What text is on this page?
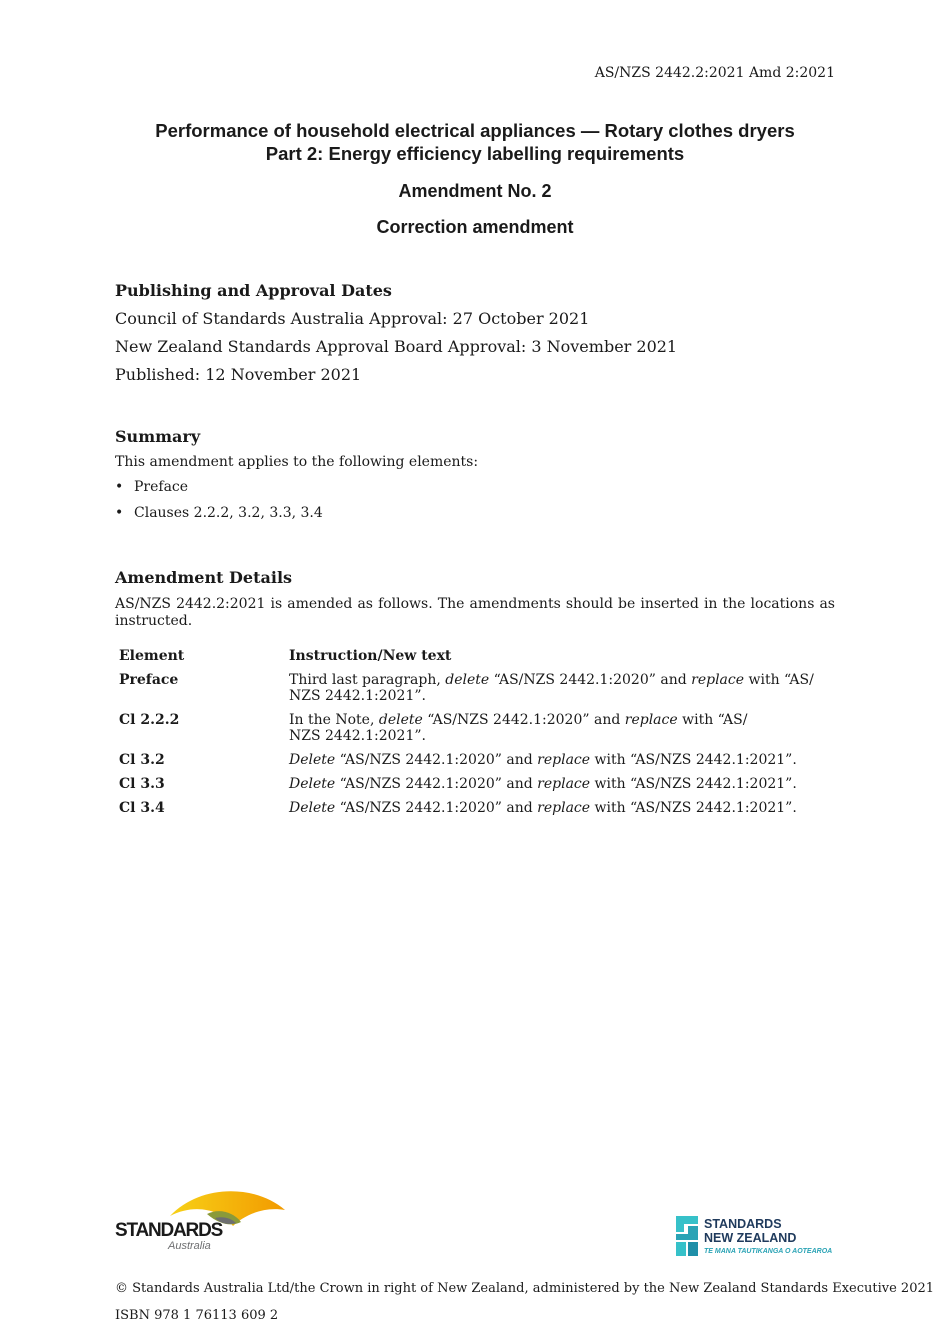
AS/NZS 2442.2:2021 Amd 2:2021
Performance of household electrical appliances — Rotary clothes dryers
Part 2: Energy efficiency labelling requirements
Amendment No. 2
Correction amendment
Publishing and Approval Dates
Council of Standards Australia Approval: 27 October 2021
New Zealand Standards Approval Board Approval: 3 November 2021
Published: 12 November 2021
Summary
This amendment applies to the following elements:
• Preface
• Clauses 2.2.2, 3.2, 3.3, 3.4
Amendment Details
AS/NZS 2442.2:2021 is amended as follows. The amendments should be inserted in the locations as instructed.
Element	Instruction/New text
Preface	Third last paragraph, delete “AS/NZS 2442.1:2020” and replace with “AS/
NZS 2442.1:2021”.
Cl 2.2.2	In the Note, delete “AS/NZS 2442.1:2020” and replace with “AS/
NZS 2442.1:2021”.
Cl 3.2	Delete “AS/NZS 2442.1:2020” and replace with “AS/NZS 2442.1:2021”.
Cl 3.3	Delete “AS/NZS 2442.1:2020” and replace with “AS/NZS 2442.1:2021”.
Cl 3.4	Delete “AS/NZS 2442.1:2020” and replace with “AS/NZS 2442.1:2021”.
STANDARDS
Australia
STANDARDS
NEW ZEALAND
TE MANA TAUTIKANGA O AOTEAROA
© Standards Australia Ltd/the Crown in right of New Zealand, administered by the New Zealand Standards Executive 2021
ISBN 978 1 76113 609 2
